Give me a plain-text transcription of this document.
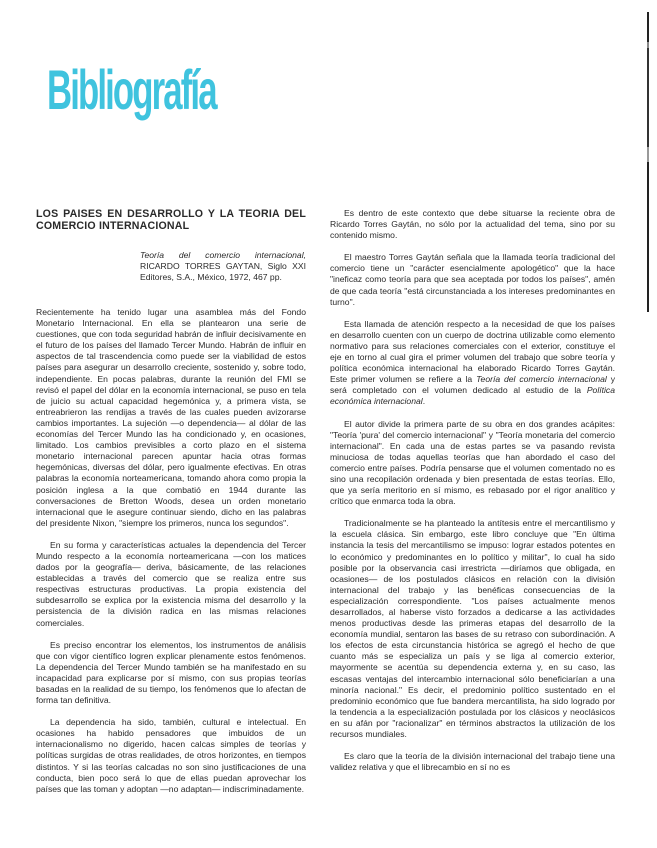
Bibliografía
LOS PAISES EN DESARROLLO Y LA TEORIA DEL COMERCIO INTERNACIONAL
Teoría del comercio internacional, RICARDO TORRES GAYTAN, Siglo XXI Editores, S.A., México, 1972, 467 pp.

Recientemente ha tenido lugar una asamblea más del Fondo Monetario Internacional. En ella se plantearon una serie de cuestiones, que con toda seguridad habrán de influir decisivamente en el futuro de los países del llamado Tercer Mundo. Habrán de influir en aspectos de tal trascendencia como puede ser la viabilidad de estos países para asegurar un desarrollo creciente, sostenido y, sobre todo, independiente. En pocas palabras, durante la reunión del FMI se revisó el papel del dólar en la economía internacional, se puso en tela de juicio su actual capacidad hegemónica y, a primera vista, se entreabrieron las rendijas a través de las cuales pueden avizorarse cambios importantes. La sujeción —o dependencia— al dólar de las economías del Tercer Mundo las ha condicionado y, en ocasiones, limitado. Los cambios previsibles a corto plazo en el sistema monetario internacional parecen apuntar hacia otras formas hegemónicas, diversas del dólar, pero igualmente efectivas. En otras palabras la economía norteamericana, tomando ahora como propia la posición inglesa a la que combatió en 1944 durante las conversaciones de Bretton Woods, desea un orden monetario internacional que le asegure continuar siendo, dicho en las palabras del presidente Nixon, "siempre los primeros, nunca los segundos".

En su forma y características actuales la dependencia del Tercer Mundo respecto a la economía norteamericana —con los matices dados por la geografía— deriva, básicamente, de las relaciones establecidas a través del comercio que se realiza entre sus respectivas estructuras productivas. La propia existencia del subdesarrollo se explica por la existencia misma del desarrollo y la persistencia de la división radica en las mismas relaciones comerciales.

Es preciso encontrar los elementos, los instrumentos de análisis que con vigor científico logren explicar plenamente estos fenómenos. La dependencia del Tercer Mundo también se ha manifestado en su incapacidad para explicarse por sí mismo, con sus propias teorías basadas en la realidad de su tiempo, los fenómenos que lo afectan de forma tan definitiva.

La dependencia ha sido, también, cultural e intelectual. En ocasiones ha habido pensadores que imbuidos de un internacionalismo no digerido, hacen calcas simples de teorías y políticas surgidas de otras realidades, de otros horizontes, en tiempos distintos. Y si las teorías calcadas no son sino justificaciones de una conducta, bien poco será lo que de ellas puedan aprovechar los países que las toman y adoptan —no adaptan— indiscriminadamente.

Es dentro de este contexto que debe situarse la reciente obra de Ricardo Torres Gaytán, no sólo por la actualidad del tema, sino por su contenido mismo.

El maestro Torres Gaytán señala que la llamada teoría tradicional del comercio tiene un "carácter esencialmente apologético" que la hace "ineficaz como teoría para que sea aceptada por todos los países", amén de que cada teoría "está circunstanciada a los intereses predominantes en turno".

Esta llamada de atención respecto a la necesidad de que los países en desarrollo cuenten con un cuerpo de doctrina utilizable como elemento normativo para sus relaciones comerciales con el exterior, constituye el eje en torno al cual gira el primer volumen del trabajo que sobre teoría y política económica internacional ha elaborado Ricardo Torres Gaytán. Este primer volumen se refiere a la Teoría del comercio internacional y será completado con el volumen dedicado al estudio de la Política económica internacional.

El autor divide la primera parte de su obra en dos grandes acápites: "Teoría 'pura' del comercio internacional" y "Teoría monetaria del comercio internacional". En cada una de estas partes se va pasando revista minuciosa de todas aquellas teorías que han abordado el caso del comercio entre países. Podría pensarse que el volumen comentado no es sino una recopilación ordenada y bien presentada de estas teorías. Ello, que ya sería meritorio en sí mismo, es rebasado por el rigor analítico y crítico que enmarca toda la obra.

Tradicionalmente se ha planteado la antítesis entre el mercantilismo y la escuela clásica. Sin embargo, este libro concluye que "En última instancia la tesis del mercantilismo se impuso: lograr estados potentes en lo económico y predominantes en lo político y militar", lo cual ha sido posible por la observancia casi irrestricta —diríamos que obligada, en ocasiones— de los postulados clásicos en relación con la división internacional del trabajo y las benéficas consecuencias de la especialización correspondiente. "Los países actualmente menos desarrollados, al haberse visto forzados a dedicarse a las actividades menos productivas desde las primeras etapas del desarrollo de la economía mundial, sentaron las bases de su retraso con subordinación. A los efectos de esta circunstancia histórica se agregó el hecho de que cuanto más se especializa un país y se liga al comercio exterior, mayormente se acentúa su dependencia externa y, en su caso, las escasas ventajas del intercambio internacional sólo beneficiarían a una minoría nacional." Es decir, el predominio político sustentado en el predominio económico que fue bandera mercantilista, ha sido logrado por la tendencia a la especialización postulada por los clásicos y neoclásicos en su afán por "racionalizar" en términos abstractos la utilización de los recursos mundiales.

Es claro que la teoría de la división internacional del trabajo tiene una validez relativa y que el librecambio en sí no es
